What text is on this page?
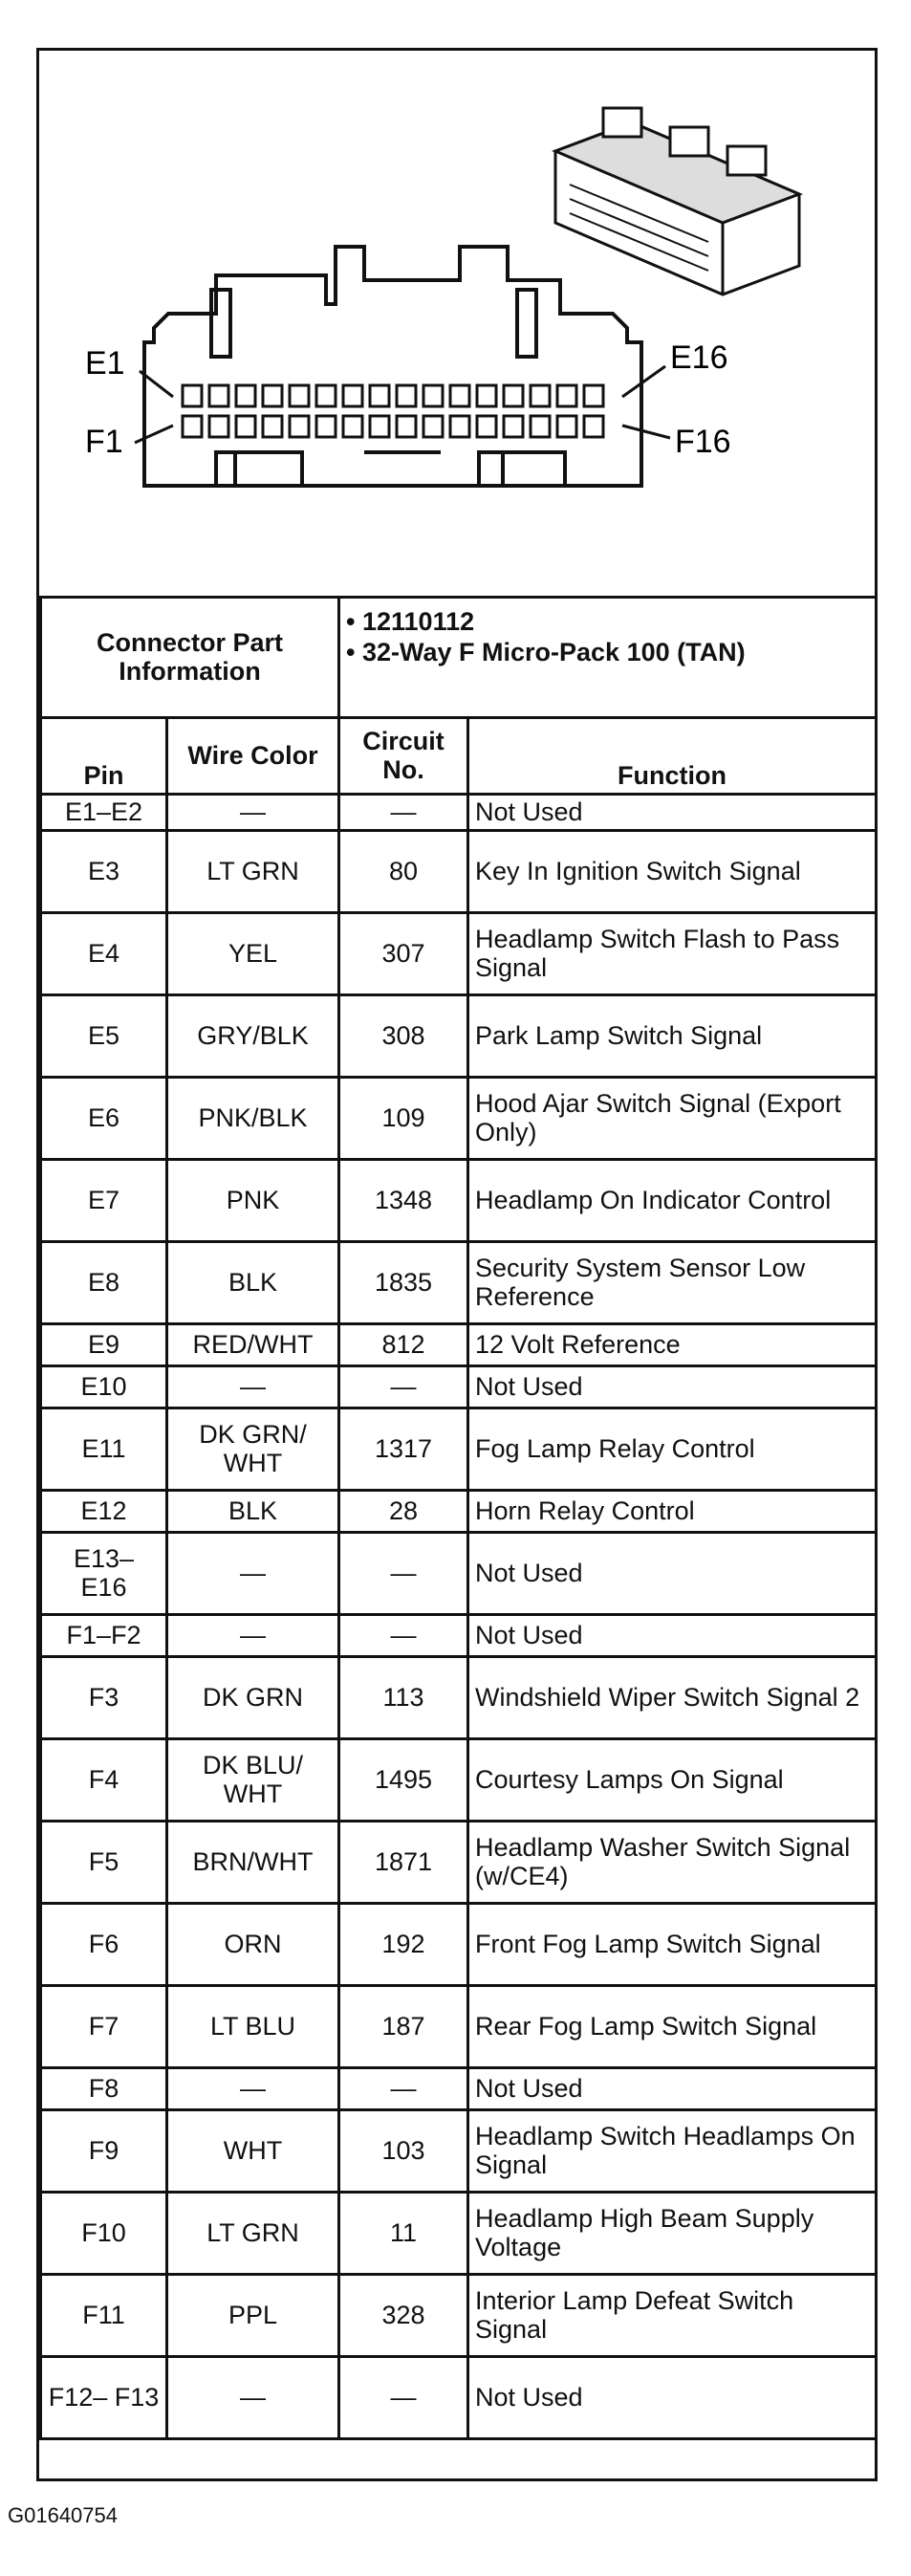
E1
F1
E16
F16
Connector Part Information		• 12110112
• 32-Way F Micro-Pack 100 (TAN)	

Pin	Wire Color	Circuit No.	Function
E1–E2	—	—	Not Used
E3	LT GRN	80	Key In Ignition Switch Signal
E4	YEL	307	Headlamp Switch Flash to Pass Signal
E5	GRY/BLK	308	Park Lamp Switch Signal
E6	PNK/BLK	109	Hood Ajar Switch Signal (Export Only)
E7	PNK	1348	Headlamp On Indicator Control
E8	BLK	1835	Security System Sensor Low Reference
E9	RED/WHT	812	12 Volt Reference
E10	—	—	Not Used
E11	DK GRN/ WHT	1317	Fog Lamp Relay Control
E12	BLK	28	Horn Relay Control
E13– E16	—	—	Not Used
F1–F2	—	—	Not Used
F3	DK GRN	113	Windshield Wiper Switch Signal 2
F4	DK BLU/ WHT	1495	Courtesy Lamps On Signal
F5	BRN/WHT	1871	Headlamp Washer Switch Signal (w/CE4)
F6	ORN	192	Front Fog Lamp Switch Signal
F7	LT BLU	187	Rear Fog Lamp Switch Signal
F8	—	—	Not Used
F9	WHT	103	Headlamp Switch Headlamps On Signal
F10	LT GRN	11	Headlamp High Beam Supply Voltage
F11	PPL	328	Interior Lamp Defeat Switch Signal
F12– F13	—	—	Not Used
G01640754
